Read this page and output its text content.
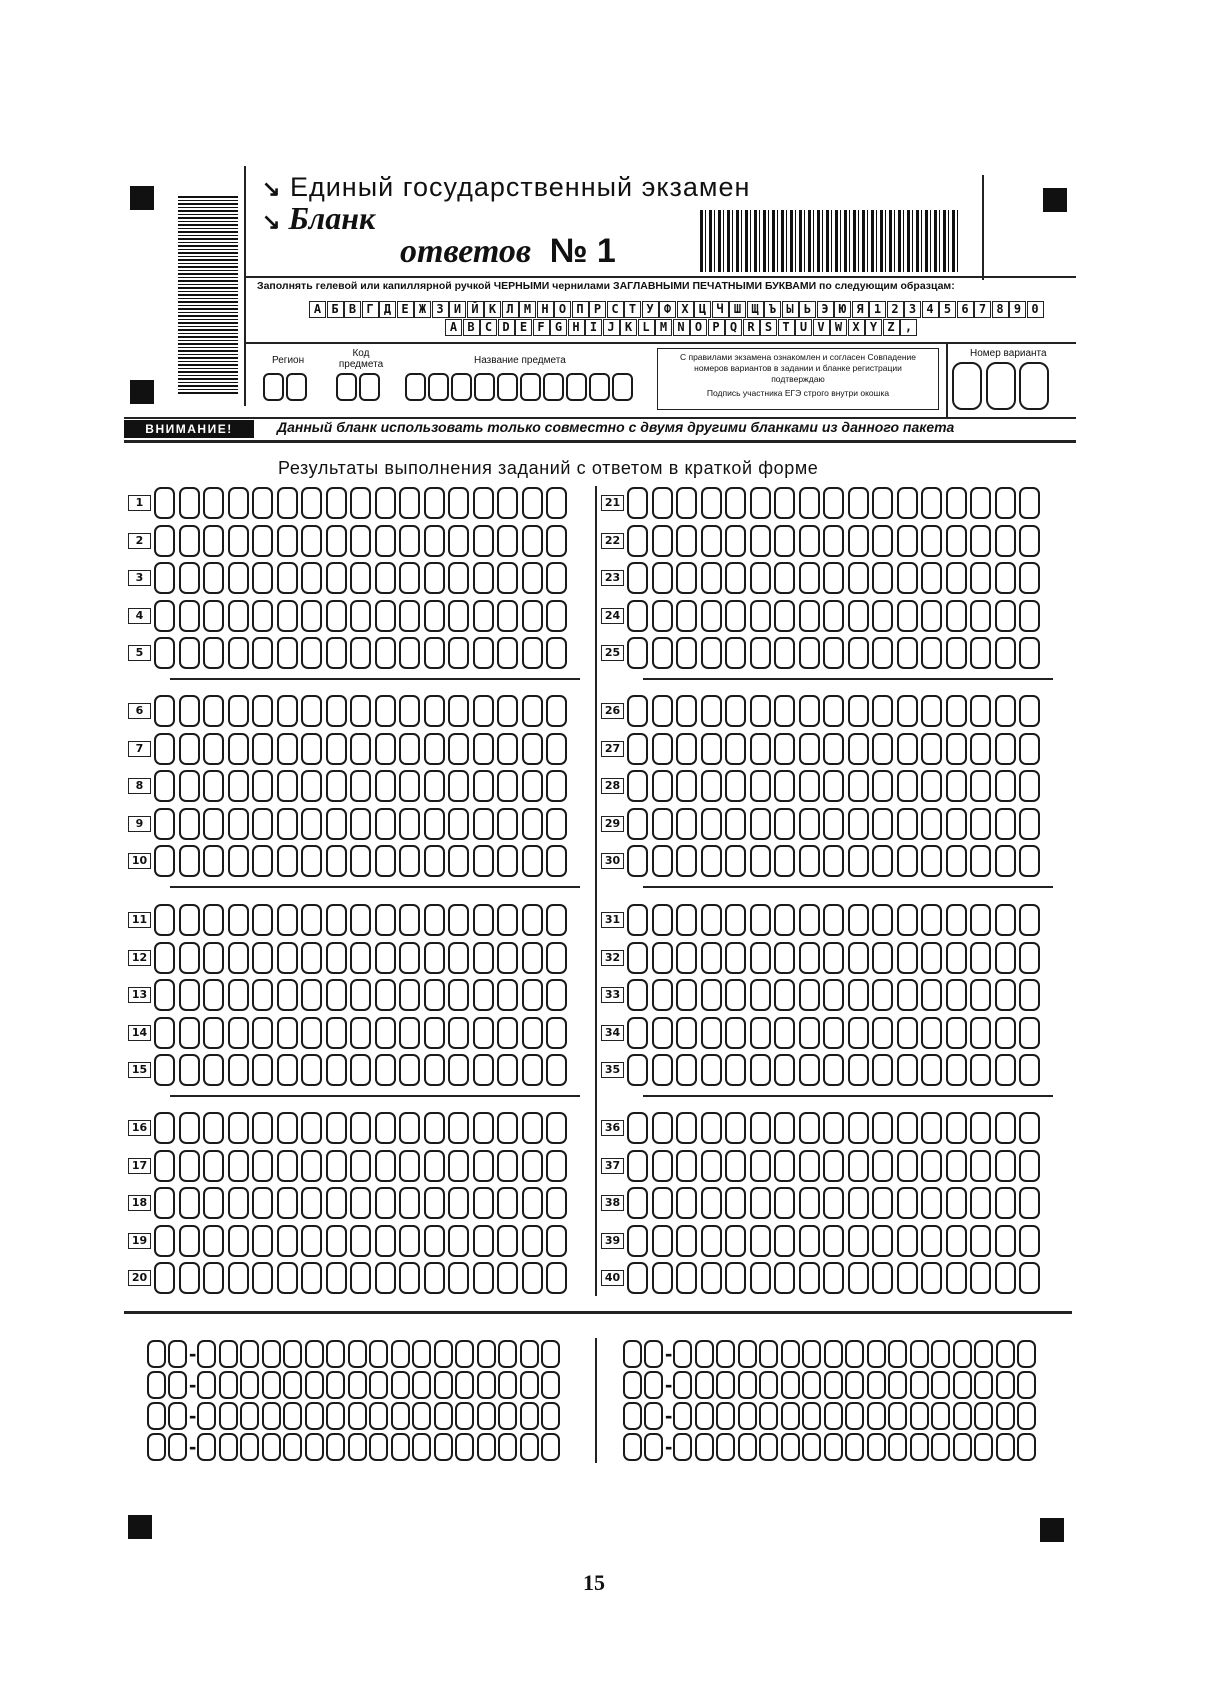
↘ Единый государственный экзамен
↘ Бланк
ответов № 1
Заполнять гелевой или капиллярной ручкой ЧЕРНЫМИ чернилами ЗАГЛАВНЫМИ ПЕЧАТНЫМИ БУКВАМИ по следующим образцам:
А Б В Г Д Е Ж З И Й К Л М Н О П Р С Т У Ф Х Ц Ч Ш Щ Ъ Ы Ь Э Ю Я 1 2 3 4 5 6 7 8 9 0
A B C D E F G H I J K L M N O P Q R S T U V W X Y Z ,
Регион
Код предмета	Название предмета	С правилами экзамена ознакомлен и согласен Совпадение номеров вариантов в задании и бланке регистрации подтверждаю
Подпись участника ЕГЭ строго внутри окошка
Номер варианта
ВНИМАНИЕ!	Данный бланк использовать только совместно с двумя другими бланками из данного пакета
Результаты выполнения заданий с ответом в краткой форме
1	21
2	22
3	23
4	24
5	25
6	26
7	27
8	28
9	29
10	30
11	31
12	32
13	33
14	34
15	35
16	36
17	37
18	38
19	39
20	40
-	-
-	-
-	-
-	-
15
